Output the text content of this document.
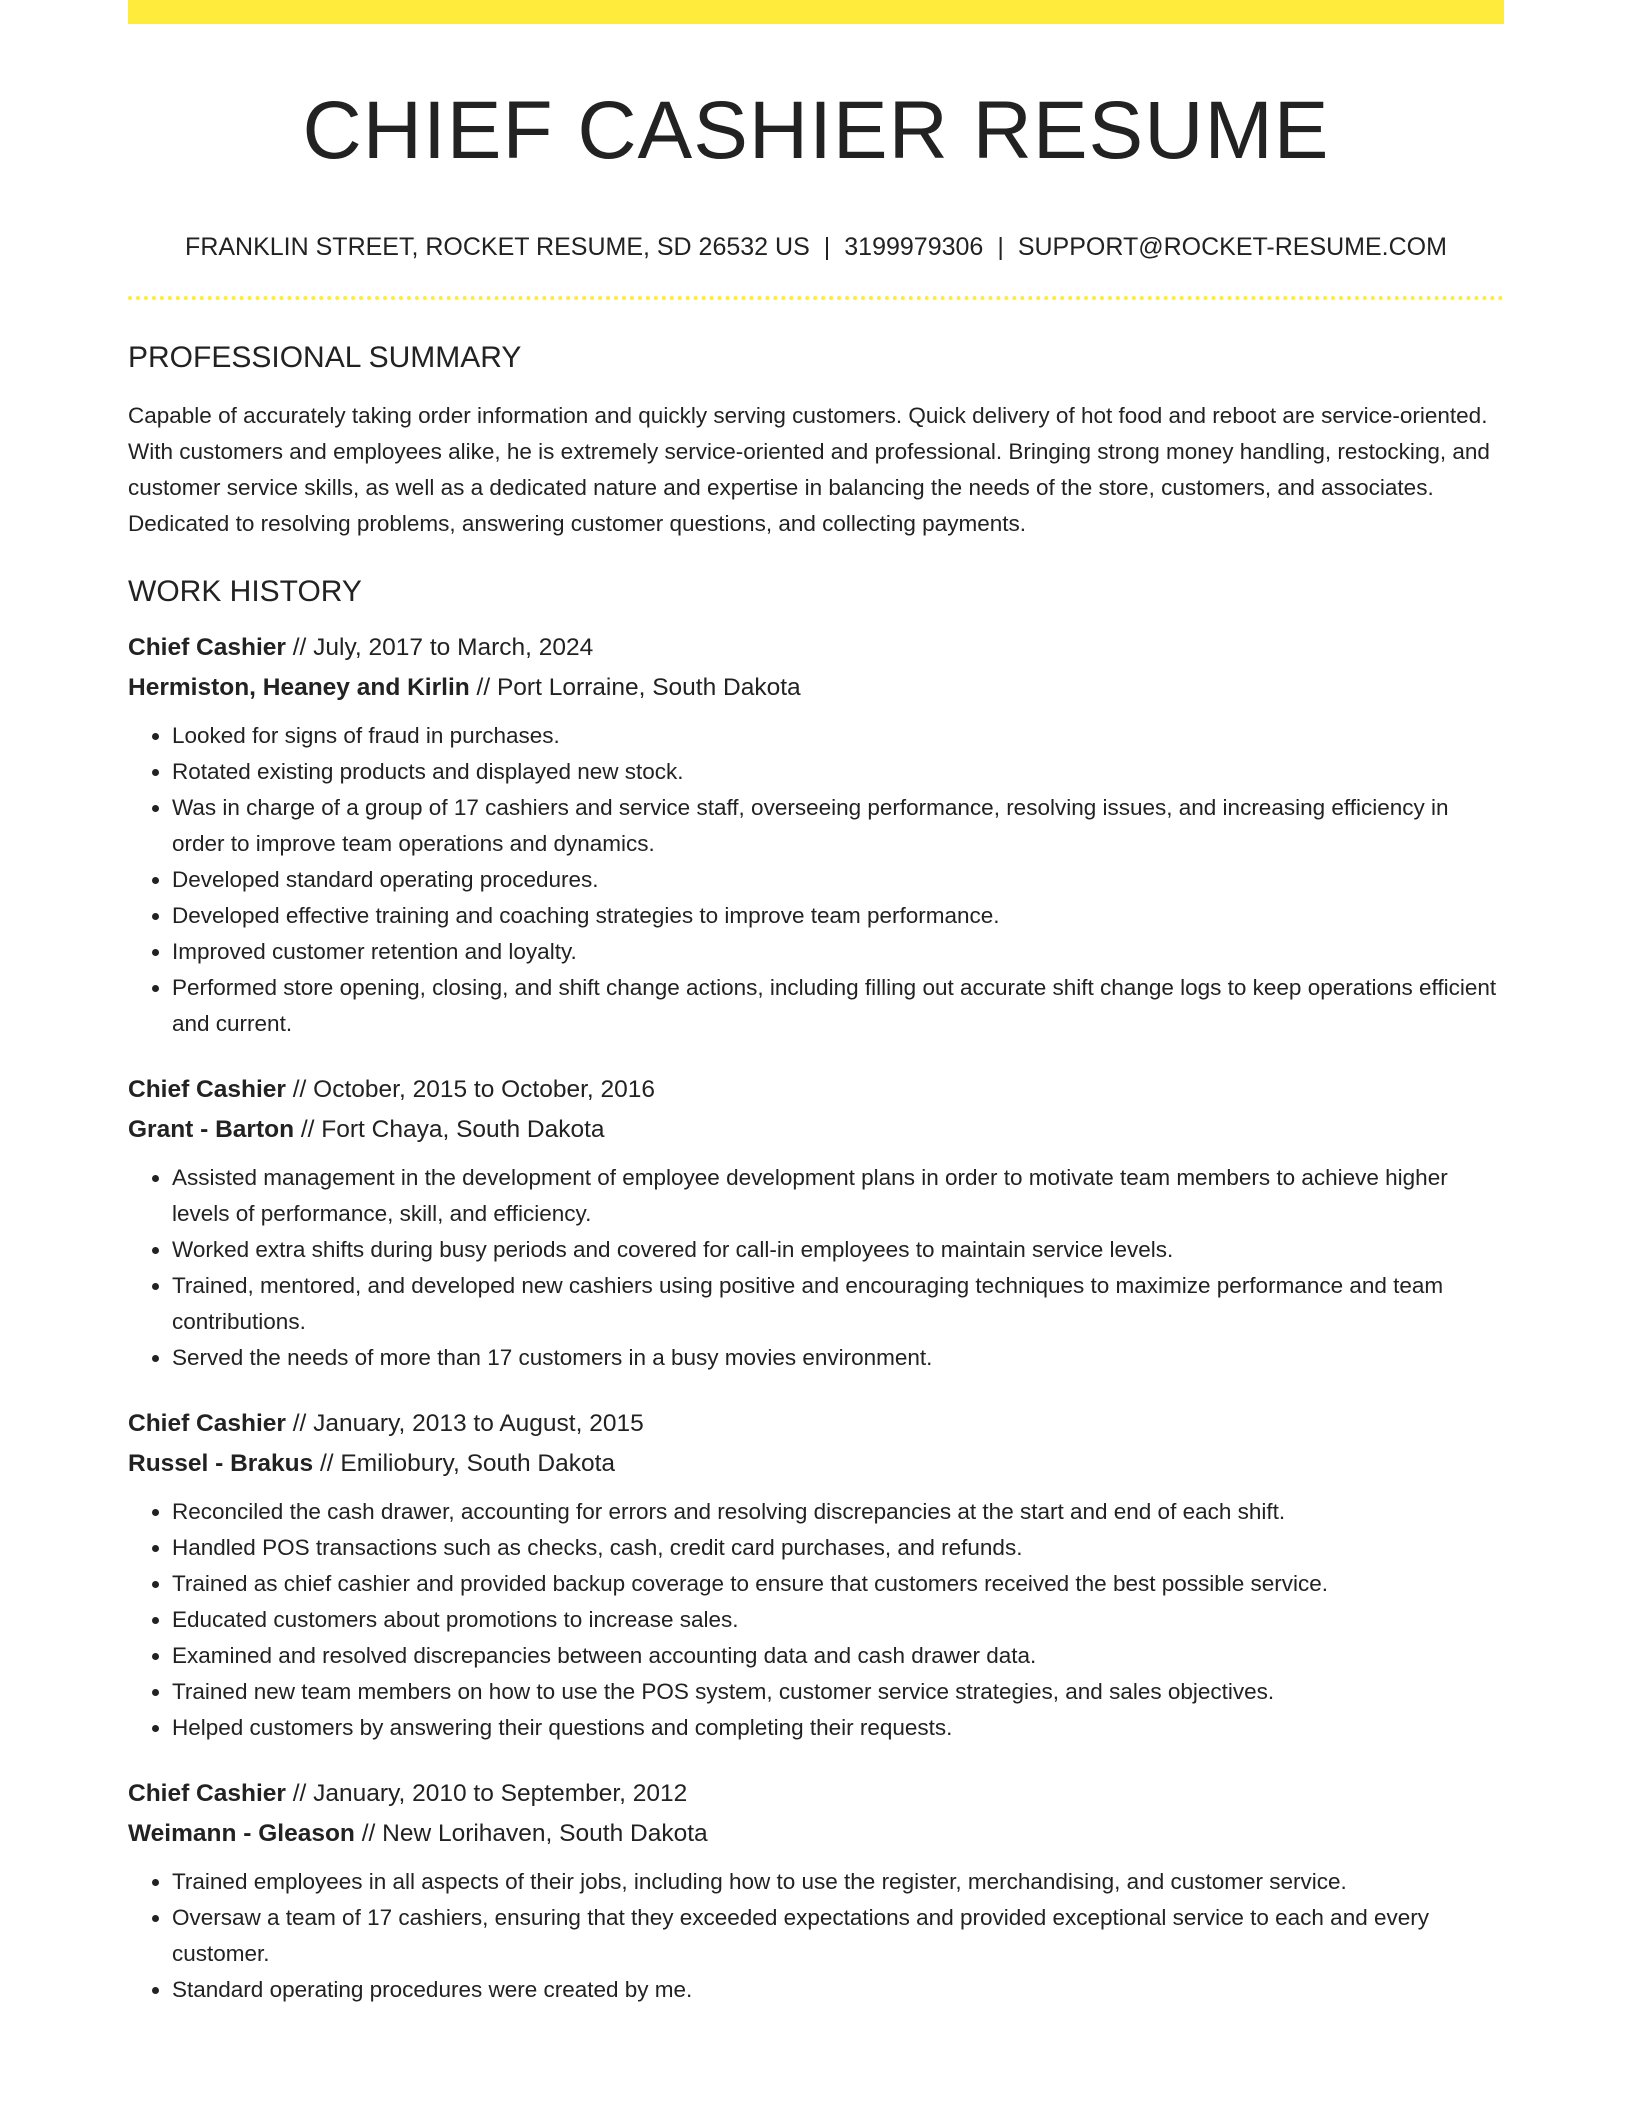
CHIEF CASHIER RESUME
FRANKLIN STREET, ROCKET RESUME, SD 26532 US | 3199979306 | SUPPORT@ROCKET-RESUME.COM
PROFESSIONAL SUMMARY

Capable of accurately taking order information and quickly serving customers. Quick delivery of hot food and reboot are service-oriented. With customers and employees alike, he is extremely service-oriented and professional. Bringing strong money handling, restocking, and customer service skills, as well as a dedicated nature and expertise in balancing the needs of the store, customers, and associates. Dedicated to resolving problems, answering customer questions, and collecting payments.

WORK HISTORY
Chief Cashier // July, 2017 to March, 2024
Hermiston, Heaney and Kirlin // Port Lorraine, South Dakota
• Looked for signs of fraud in purchases.
• Rotated existing products and displayed new stock.
• Was in charge of a group of 17 cashiers and service staff, overseeing performance, resolving issues, and increasing efficiency in order to improve team operations and dynamics.
• Developed standard operating procedures.
• Developed effective training and coaching strategies to improve team performance.
• Improved customer retention and loyalty.
• Performed store opening, closing, and shift change actions, including filling out accurate shift change logs to keep operations efficient and current.
Chief Cashier // October, 2015 to October, 2016
Grant - Barton // Fort Chaya, South Dakota
• Assisted management in the development of employee development plans in order to motivate team members to achieve higher levels of performance, skill, and efficiency.
• Worked extra shifts during busy periods and covered for call-in employees to maintain service levels.
• Trained, mentored, and developed new cashiers using positive and encouraging techniques to maximize performance and team contributions.
• Served the needs of more than 17 customers in a busy movies environment.
Chief Cashier // January, 2013 to August, 2015
Russel - Brakus // Emiliobury, South Dakota
• Reconciled the cash drawer, accounting for errors and resolving discrepancies at the start and end of each shift.
• Handled POS transactions such as checks, cash, credit card purchases, and refunds.
• Trained as chief cashier and provided backup coverage to ensure that customers received the best possible service.
• Educated customers about promotions to increase sales.
• Examined and resolved discrepancies between accounting data and cash drawer data.
• Trained new team members on how to use the POS system, customer service strategies, and sales objectives.
• Helped customers by answering their questions and completing their requests.
Chief Cashier // January, 2010 to September, 2012
Weimann - Gleason // New Lorihaven, South Dakota
• Trained employees in all aspects of their jobs, including how to use the register, merchandising, and customer service.
• Oversaw a team of 17 cashiers, ensuring that they exceeded expectations and provided exceptional service to each and every customer.
• Standard operating procedures were created by me.
